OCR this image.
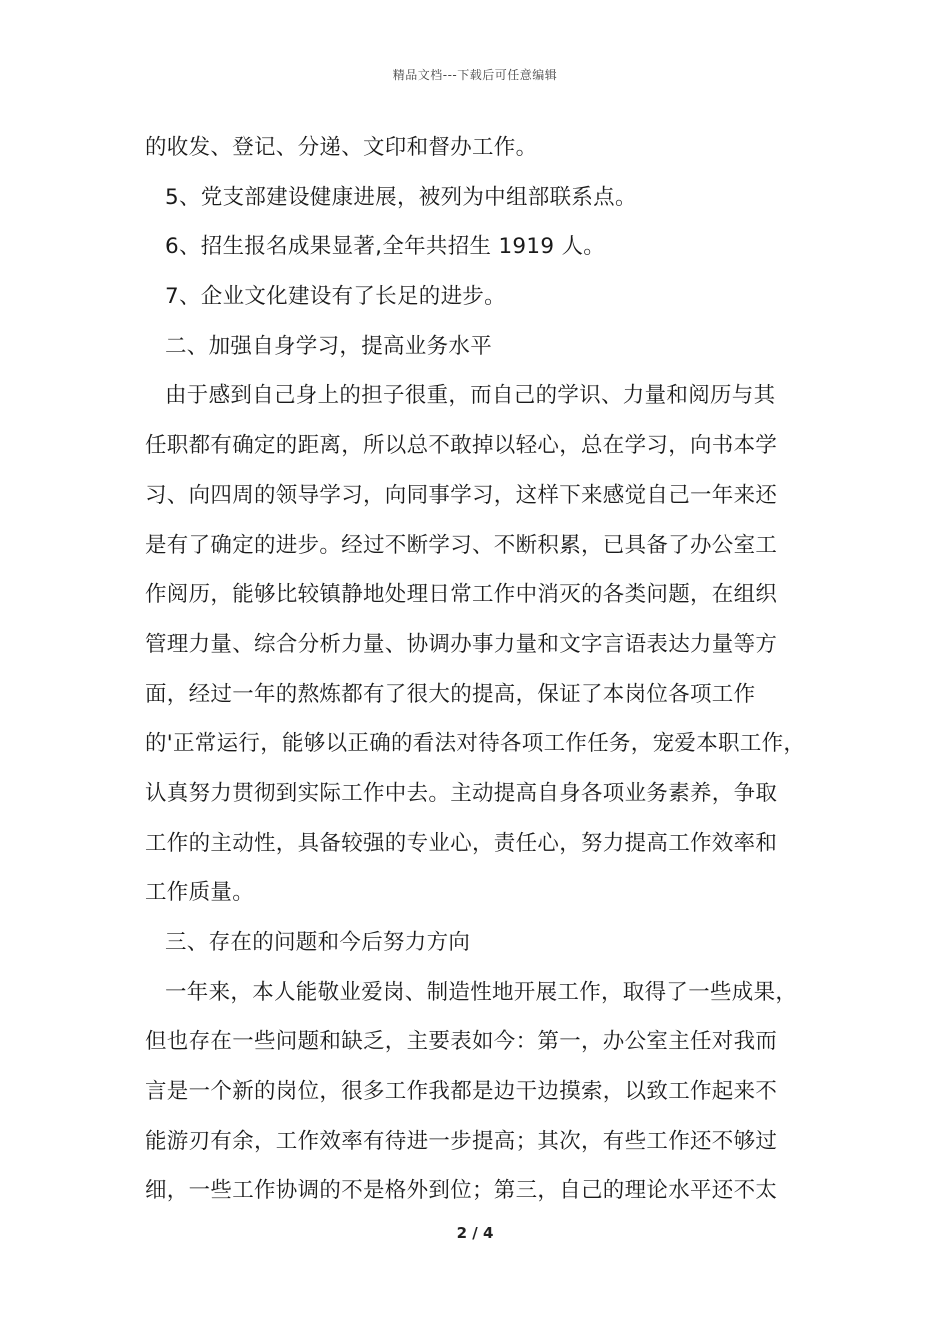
精品文档---下载后可任意编辑
的收发、登记、分递、文印和督办工作。
5、党支部建设健康进展，被列为中组部联系点。
6、招生报名成果显著,全年共招生 1919 人。
7、企业文化建设有了长足的进步。
二、加强自身学习，提高业务水平
由于感到自己身上的担子很重，而自己的学识、力量和阅历与其
任职都有确定的距离，所以总不敢掉以轻心，总在学习，向书本学
习、向四周的领导学习，向同事学习，这样下来感觉自己一年来还
是有了确定的进步。经过不断学习、不断积累，已具备了办公室工
作阅历，能够比较镇静地处理日常工作中消灭的各类问题，在组织
管理力量、综合分析力量、协调办事力量和文字言语表达力量等方
面，经过一年的熬炼都有了很大的提高，保证了本岗位各项工作
的'正常运行，能够以正确的看法对待各项工作任务，宠爱本职工作，
认真努力贯彻到实际工作中去。主动提高自身各项业务素养，争取
工作的主动性，具备较强的专业心，责任心，努力提高工作效率和
工作质量。
三、存在的问题和今后努力方向
一年来，本人能敬业爱岗、制造性地开展工作，取得了一些成果，
但也存在一些问题和缺乏，主要表如今：第一，办公室主任对我而
言是一个新的岗位，很多工作我都是边干边摸索，以致工作起来不
能游刃有余，工作效率有待进一步提高；其次，有些工作还不够过
细，一些工作协调的不是格外到位；第三，自己的理论水平还不太
2 / 4
